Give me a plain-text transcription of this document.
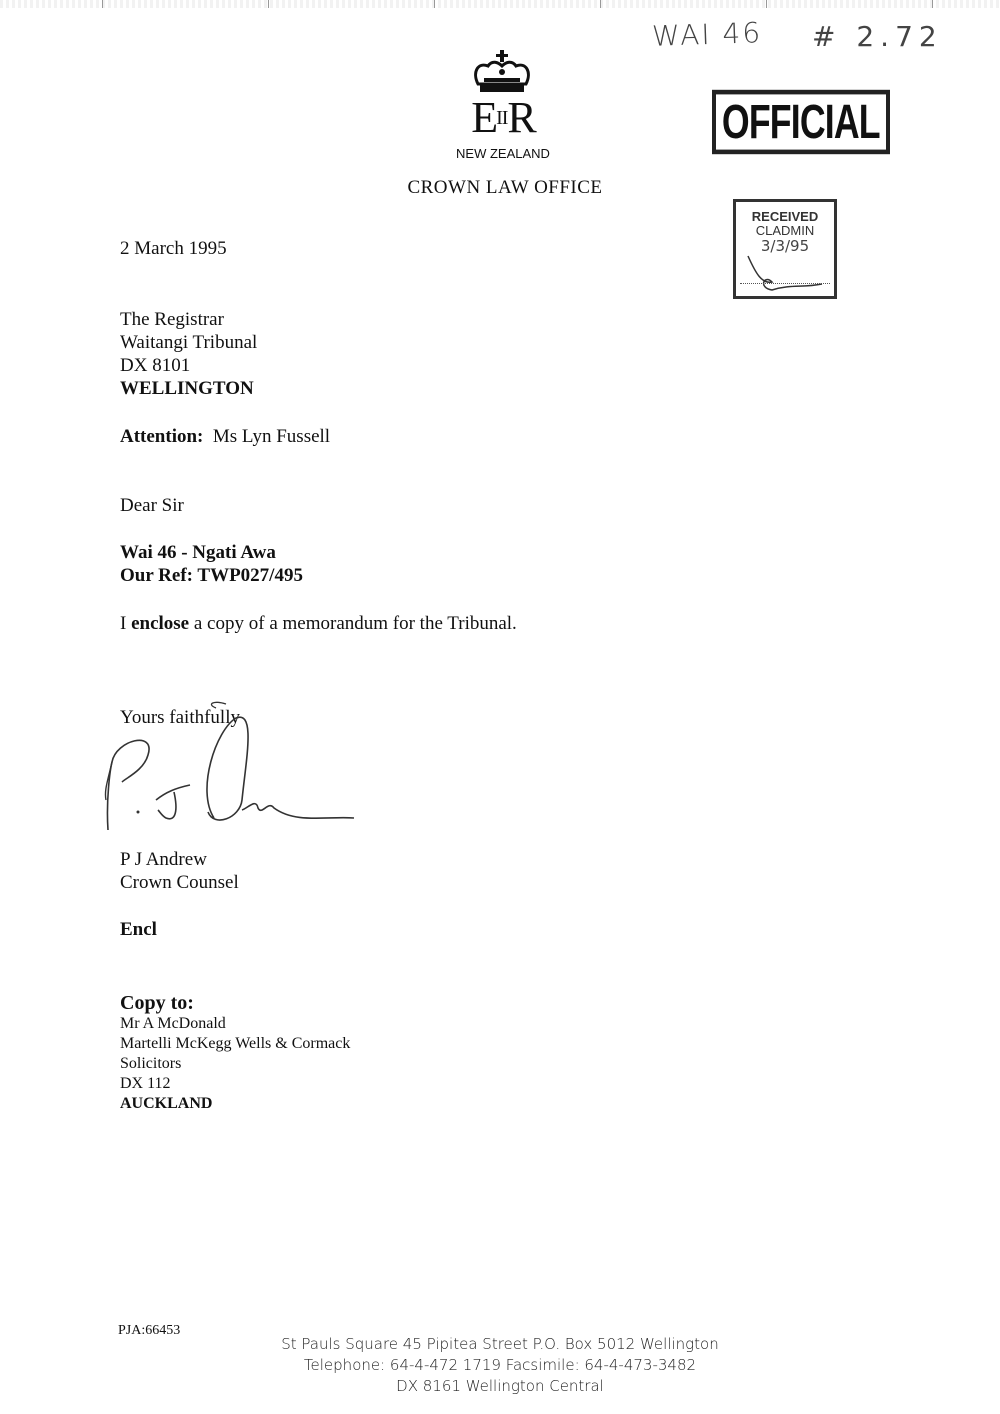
EIIR
NEW ZEALAND
CROWN LAW OFFICE
WAI 46 # 2.72
OFFICIAL
RECEIVED
CLADMIN
3/3/95
2 March 1995
The Registrar
Waitangi Tribunal
DX 8101
WELLINGTON
Attention: Ms Lyn Fussell
Dear Sir
Wai 46 - Ngati Awa
Our Ref: TWP027/495
I enclose a copy of a memorandum for the Tribunal.
Yours faithfully
P J Andrew
Crown Counsel
Encl
Copy to:
Mr A McDonald
Martelli McKegg Wells & Cormack
Solicitors
DX 112
AUCKLAND
PJA:66453
St Pauls Square 45 Pipitea Street P.O. Box 5012 Wellington
Telephone: 64-4-472 1719 Facsimile: 64-4-473-3482
DX 8161 Wellington Central
